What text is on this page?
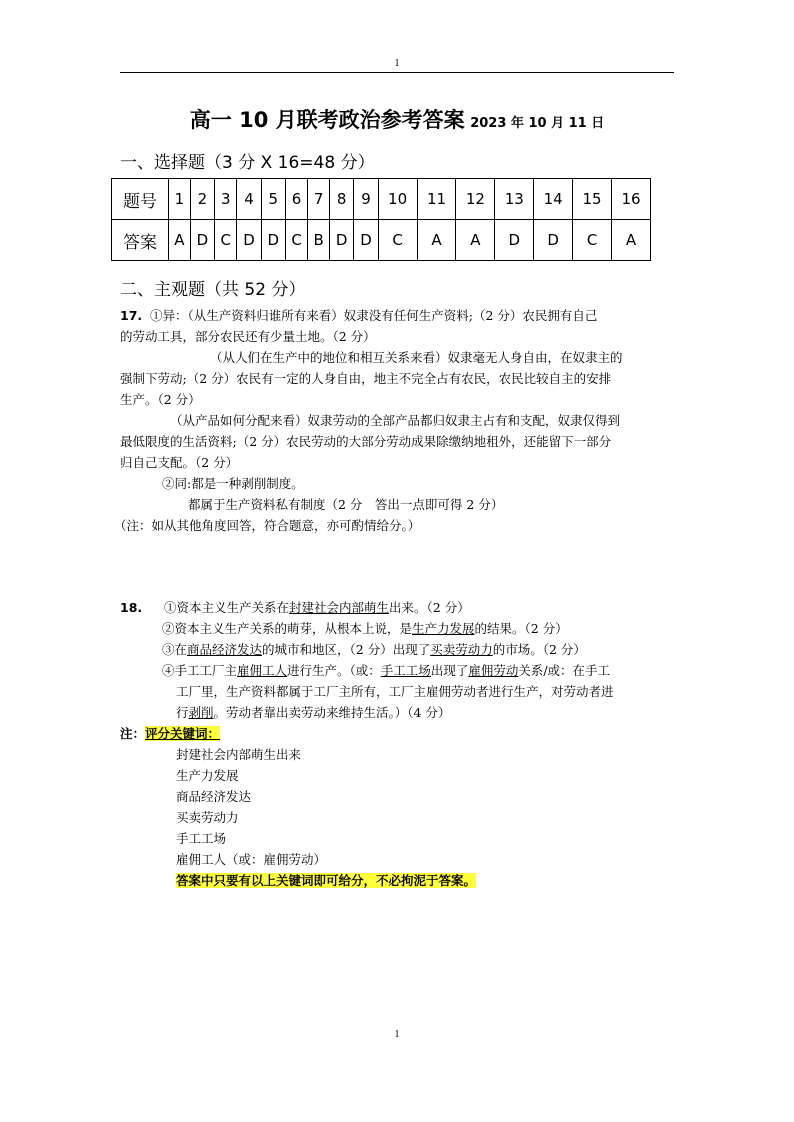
1
高一 10 月联考政治参考答案 2023 年 10 月 11 日
一、选择题（3 分 X 16=48 分）
题号	1	2	3	4	5	6	7	8	9	10	11	12	13	14	15	16
答案	A	D	C	D	D	C	B	D	D	C	A	A	D	D	C	A
二、主观题（共 52 分）
17. ①异：（从生产资料归谁所有来看）奴隶没有任何生产资料;（2 分）农民拥有自己
的劳动工具，部分农民还有少量土地。（2 分）
（从人们在生产中的地位和相互关系来看）奴隶毫无人身自由，在奴隶主的
强制下劳动;（2 分）农民有一定的人身自由，地主不完全占有农民，农民比较自主的安排
生产。（2 分）
（从产品如何分配来看）奴隶劳动的全部产品都归奴隶主占有和支配，奴隶仅得到
最低限度的生活资料;（2 分）农民劳动的大部分劳动成果除缴纳地租外，还能留下一部分
归自己支配。（2 分）
②同:都是一种剥削制度。
都属于生产资料私有制度（2 分　答出一点即可得 2 分）
（注：如从其他角度回答，符合题意，亦可酌情给分。）
18. ①资本主义生产关系在封建社会内部萌生出来。（2 分）
②资本主义生产关系的萌芽，从根本上说，是生产力发展的结果。（2 分）
③在商品经济发达的城市和地区，（2 分）出现了买卖劳动力的市场。（2 分）
④手工工厂主雇佣工人进行生产。（或：手工工场出现了雇佣劳动关系/或：在手工
工厂里，生产资料都属于工厂主所有，工厂主雇佣劳动者进行生产，对劳动者进
行剥削。劳动者靠出卖劳动来维持生活。）（4 分）
注：评分关键词：
封建社会内部萌生出来
生产力发展
商品经济发达
买卖劳动力
手工工场
雇佣工人（或：雇佣劳动）
答案中只要有以上关键词即可给分，不必拘泥于答案。
1
